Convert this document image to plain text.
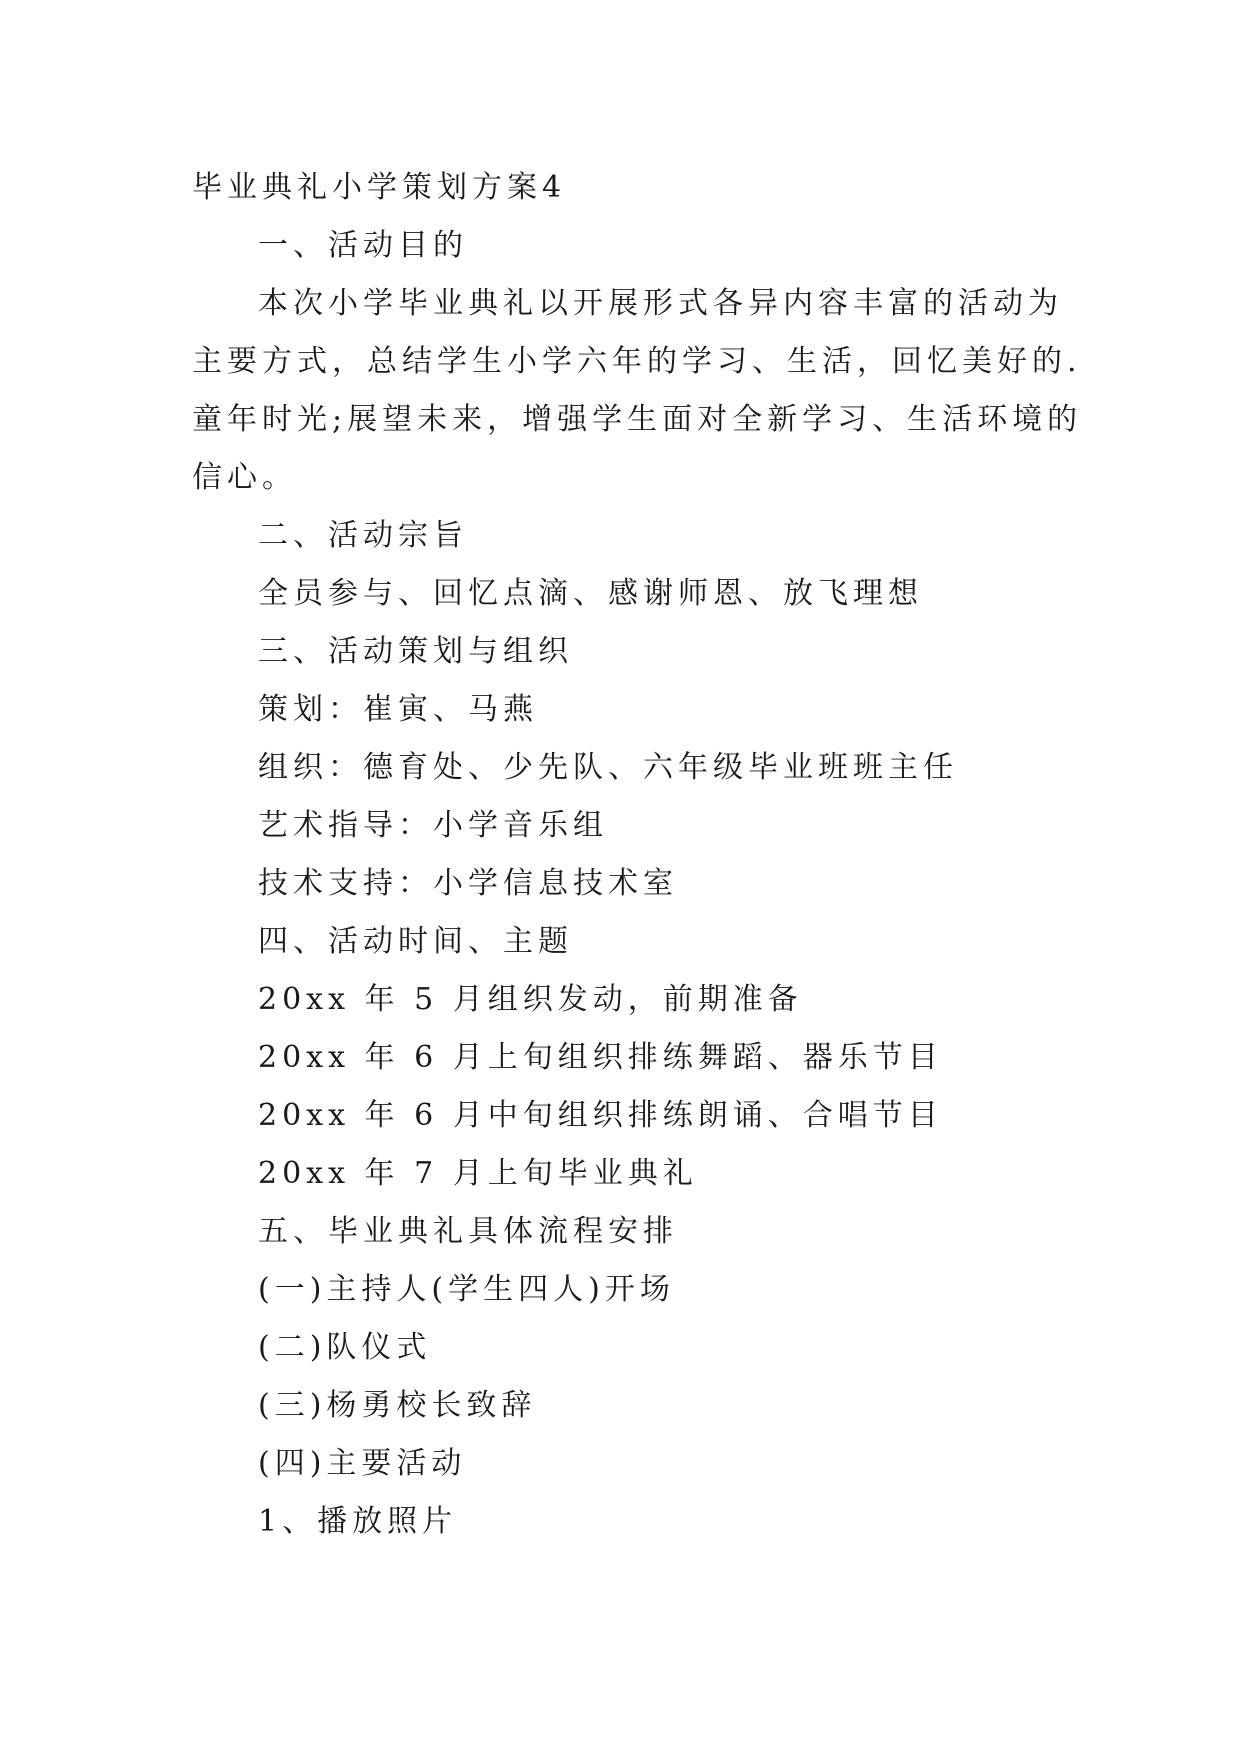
毕业典礼小学策划方案4
一、活动目的
本次小学毕业典礼以开展形式各异内容丰富的活动为
主要方式，总结学生小学六年的学习、生活，回忆美好的.
童年时光;展望未来，增强学生面对全新学习、生活环境的
信心。
二、活动宗旨
全员参与、回忆点滴、感谢师恩、放飞理想
三、活动策划与组织
策划：崔寅、马燕
组织：德育处、少先队、六年级毕业班班主任
艺术指导：小学音乐组
技术支持：小学信息技术室
四、活动时间、主题
20xx 年 5 月组织发动，前期准备
20xx 年 6 月上旬组织排练舞蹈、器乐节目
20xx 年 6 月中旬组织排练朗诵、合唱节目
20xx 年 7 月上旬毕业典礼
五、毕业典礼具体流程安排
(一)主持人(学生四人)开场
(二)队仪式
(三)杨勇校长致辞
(四)主要活动
1、播放照片
